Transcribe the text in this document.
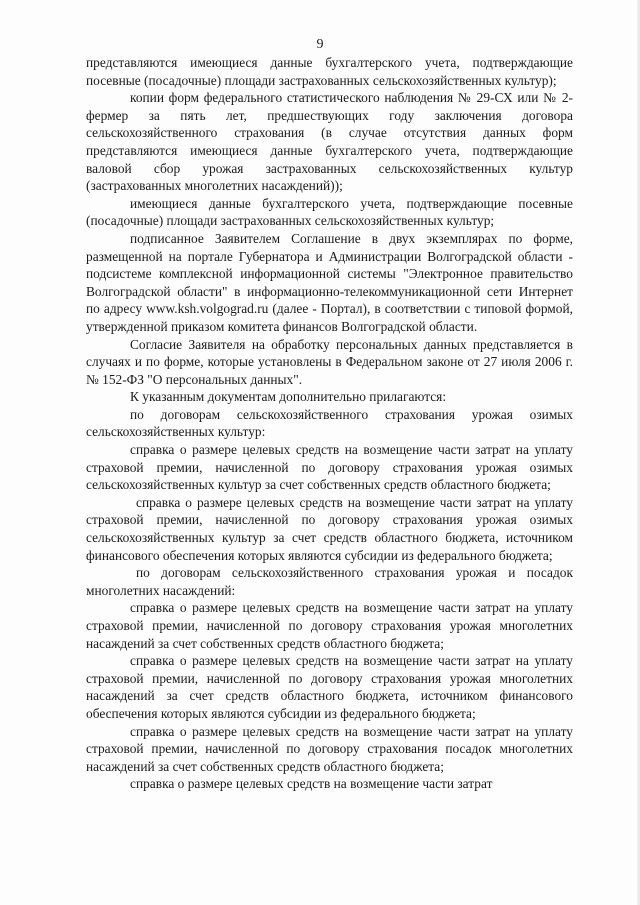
9

представляются имеющиеся данные бухгалтерского учета, подтверждающие посевные (посадочные) площади застрахованных сельскохозяйственных культур);

копии форм федерального статистического наблюдения № 29-СХ или № 2-фермер за пять лет, предшествующих году заключения договора сельскохозяйственного страхования (в случае отсутствия данных форм представляются имеющиеся данные бухгалтерского учета, подтверждающие валовой сбор урожая застрахованных сельскохозяйственных культур (застрахованных многолетних насаждений));

имеющиеся данные бухгалтерского учета, подтверждающие посевные (посадочные) площади застрахованных сельскохозяйственных культур;

подписанное Заявителем Соглашение в двух экземплярах по форме, размещенной на портале Губернатора и Администрации Волгоградской области - подсистеме комплексной информационной системы "Электронное правительство Волгоградской области" в информационно-телекоммуникационной сети Интернет по адресу www.ksh.volgograd.ru (далее - Портал), в соответствии с типовой формой, утвержденной приказом комитета финансов Волгоградской области.

Согласие Заявителя на обработку персональных данных представляется в случаях и по форме, которые установлены в Федеральном законе от 27 июля 2006 г. № 152-ФЗ "О персональных данных".

К указанным документам дополнительно прилагаются:

по договорам сельскохозяйственного страхования урожая озимых сельскохозяйственных культур:

справка о размере целевых средств на возмещение части затрат на уплату страховой премии, начисленной по договору страхования урожая озимых сельскохозяйственных культур за счет собственных средств областного бюджета;

справка о размере целевых средств на возмещение части затрат на уплату страховой премии, начисленной по договору страхования урожая озимых сельскохозяйственных культур за счет средств областного бюджета, источником финансового обеспечения которых являются субсидии из федерального бюджета;

по договорам сельскохозяйственного страхования урожая и посадок многолетних насаждений:

справка о размере целевых средств на возмещение части затрат на уплату страховой премии, начисленной по договору страхования урожая многолетних насаждений за счет собственных средств областного бюджета;

справка о размере целевых средств на возмещение части затрат на уплату страховой премии, начисленной по договору страхования урожая многолетних насаждений за счет средств областного бюджета, источником финансового обеспечения которых являются субсидии из федерального бюджета;

справка о размере целевых средств на возмещение части затрат на уплату страховой премии, начисленной по договору страхования посадок многолетних насаждений за счет собственных средств областного бюджета;

справка о размере целевых средств на возмещение части затрат
